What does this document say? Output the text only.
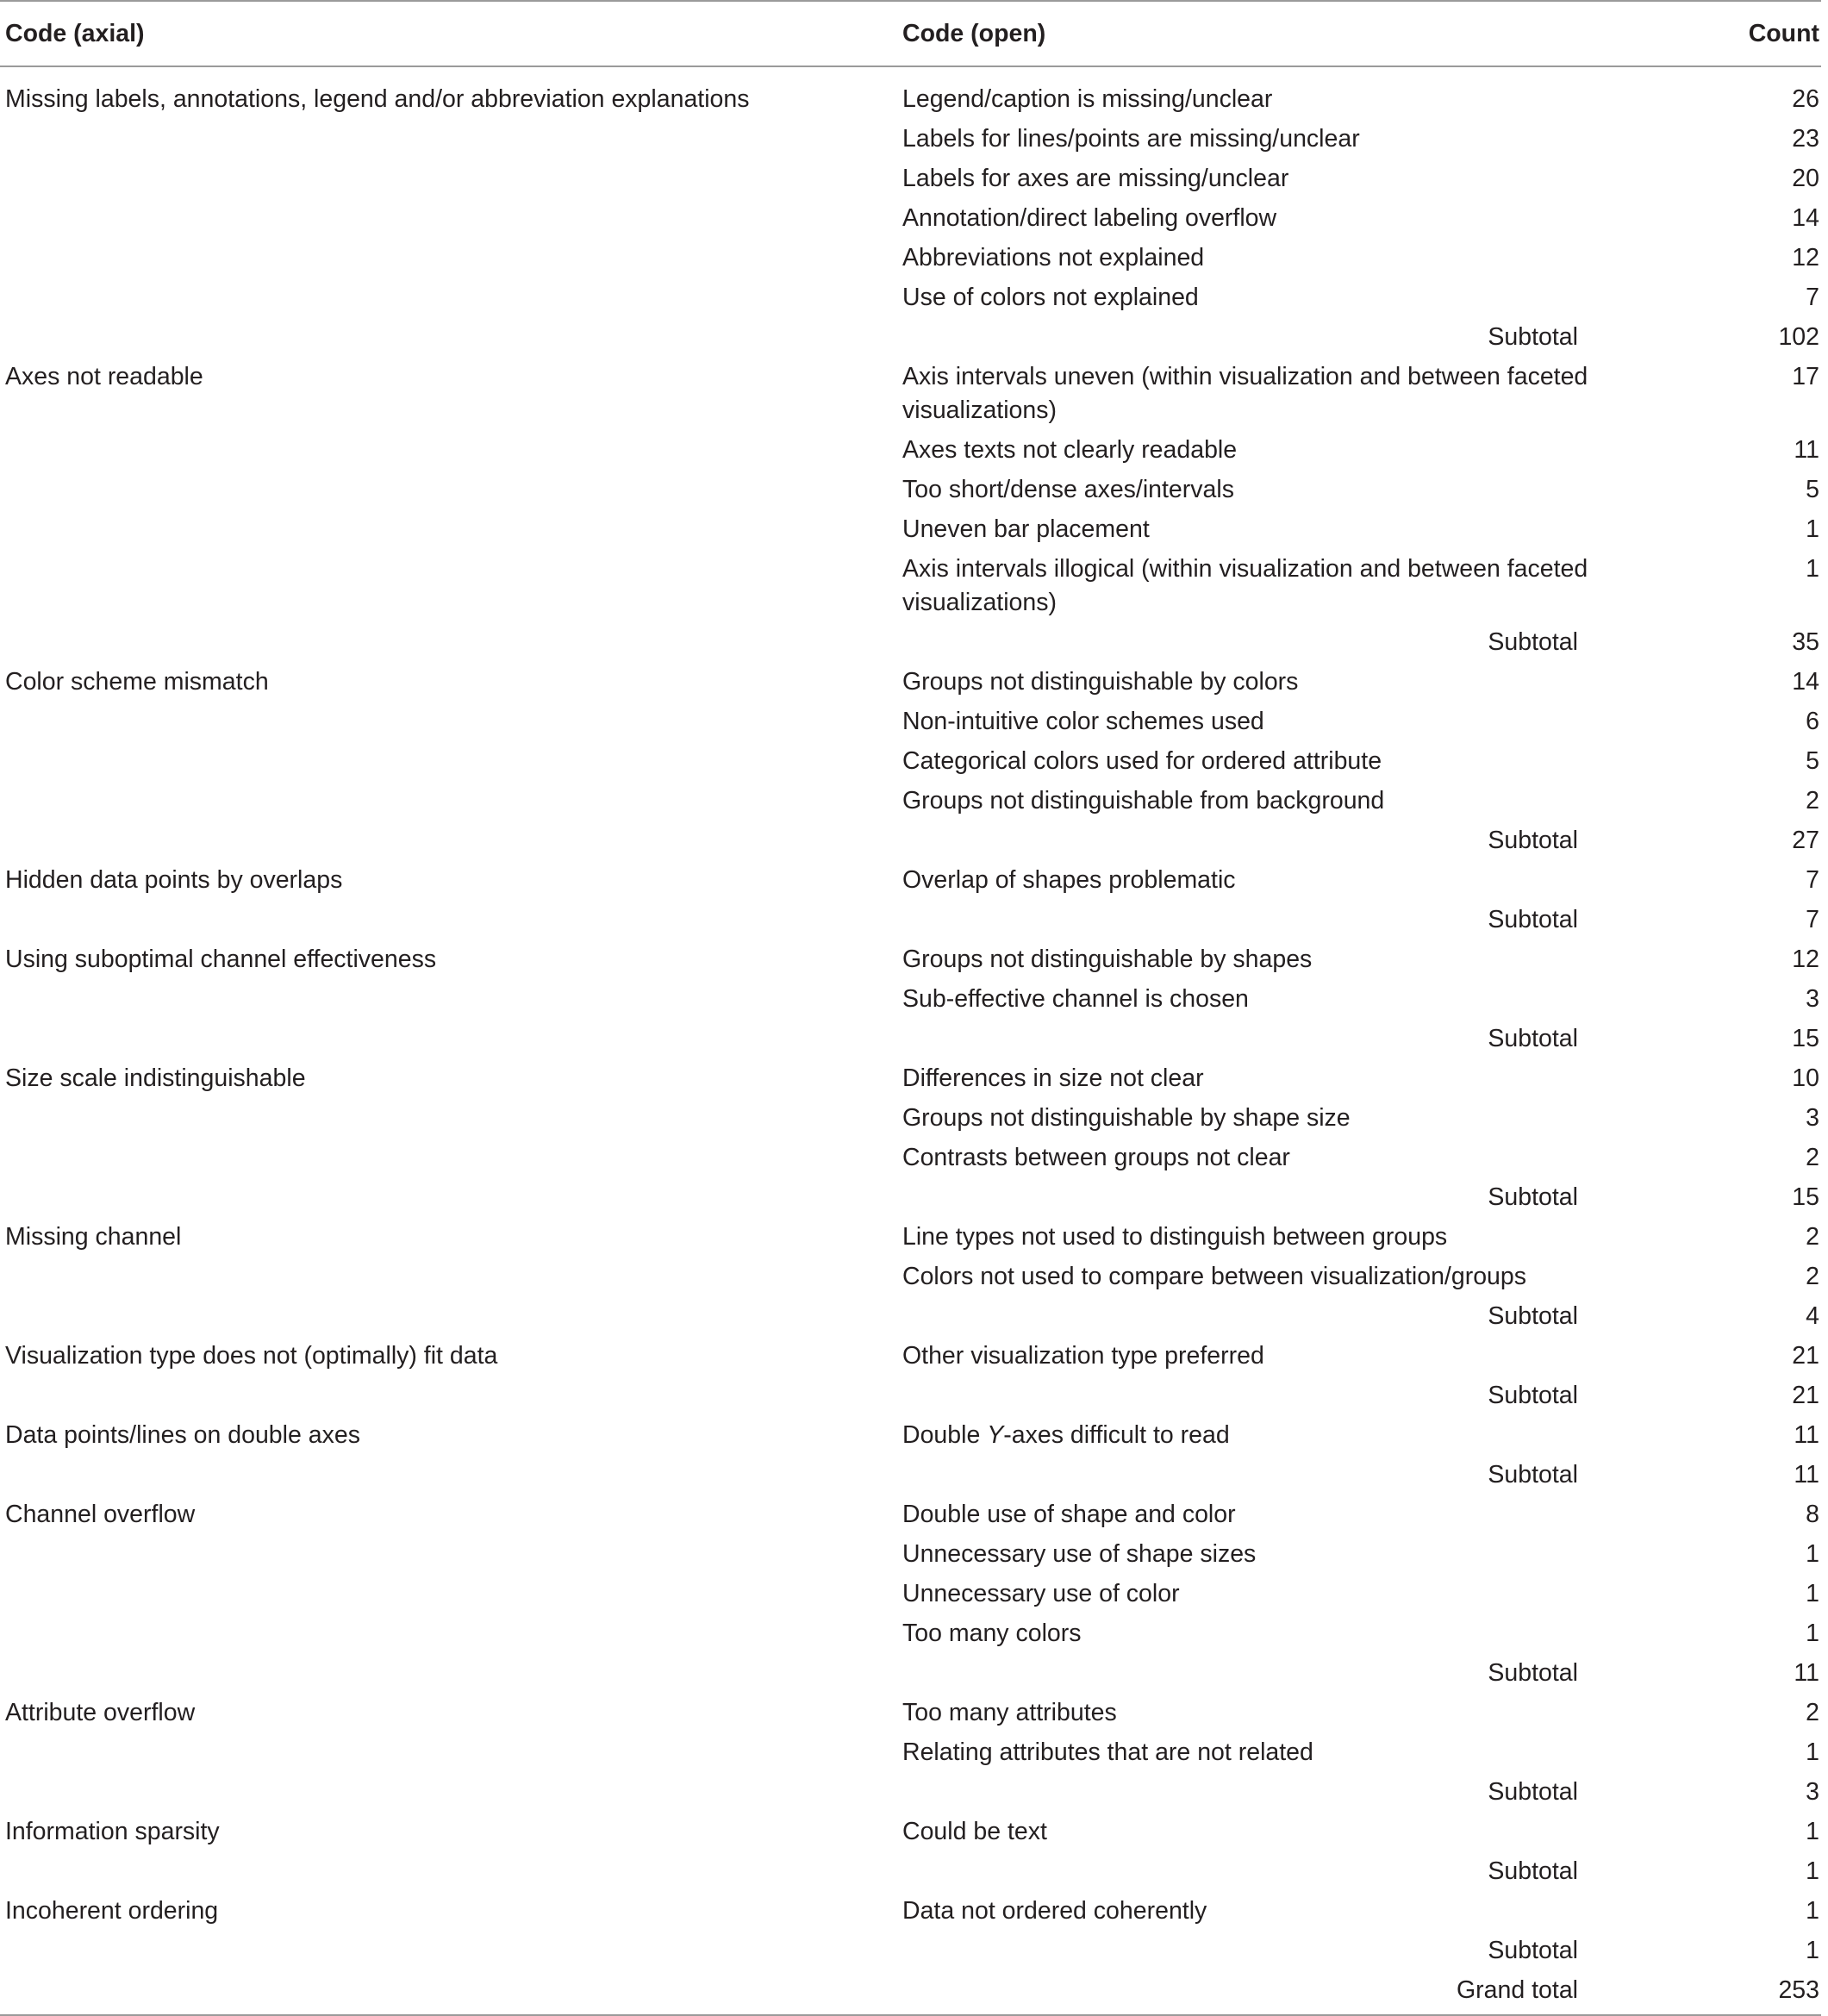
Code (axial)	Code (open)	Count
Missing labels, annotations, legend and/or abbreviation explanations	Legend/caption is missing/unclear	26
	Labels for lines/points are missing/unclear	23
	Labels for axes are missing/unclear	20
	Annotation/direct labeling overflow	14
	Abbreviations not explained	12
	Use of colors not explained	7
	Subtotal	102
Axes not readable	Axis intervals uneven (within visualization and between faceted visualizations)	17
	Axes texts not clearly readable	11
	Too short/dense axes/intervals	5
	Uneven bar placement	1
	Axis intervals illogical (within visualization and between faceted visualizations)	1
	Subtotal	35
Color scheme mismatch	Groups not distinguishable by colors	14
	Non-intuitive color schemes used	6
	Categorical colors used for ordered attribute	5
	Groups not distinguishable from background	2
	Subtotal	27
Hidden data points by overlaps	Overlap of shapes problematic	7
	Subtotal	7
Using suboptimal channel effectiveness	Groups not distinguishable by shapes	12
	Sub-effective channel is chosen	3
	Subtotal	15
Size scale indistinguishable	Differences in size not clear	10
	Groups not distinguishable by shape size	3
	Contrasts between groups not clear	2
	Subtotal	15
Missing channel	Line types not used to distinguish between groups	2
	Colors not used to compare between visualization/groups	2
	Subtotal	4
Visualization type does not (optimally) fit data	Other visualization type preferred	21
	Subtotal	21
Data points/lines on double axes	Double Y-axes difficult to read	11
	Subtotal	11
Channel overflow	Double use of shape and color	8
	Unnecessary use of shape sizes	1
	Unnecessary use of color	1
	Too many colors	1
	Subtotal	11
Attribute overflow	Too many attributes	2
	Relating attributes that are not related	1
	Subtotal	3
Information sparsity	Could be text	1
	Subtotal	1
Incoherent ordering	Data not ordered coherently	1
	Subtotal	1
	Grand total	253
